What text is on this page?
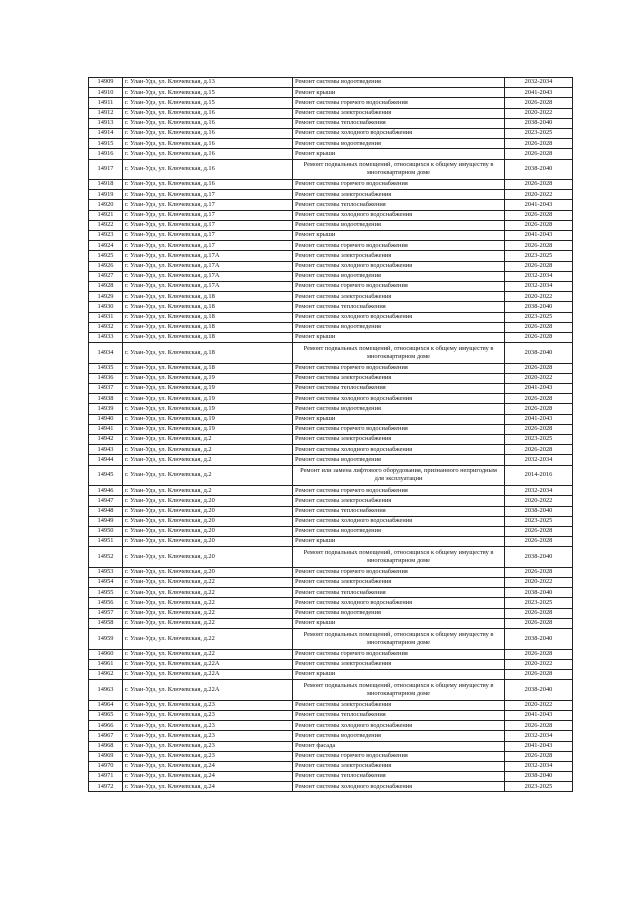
14909	г. Улан-Удэ, ул. Ключевская, д.13	Ремонт системы водоотведения	2032-2034
14910	г. Улан-Удэ, ул. Ключевская, д.15	Ремонт крыши	2041-2043
14911	г. Улан-Удэ, ул. Ключевская, д.15	Ремонт системы горячего водоснабжения	2026-2028
14912	г. Улан-Удэ, ул. Ключевская, д.16	Ремонт системы электроснабжения	2020-2022
14913	г. Улан-Удэ, ул. Ключевская, д.16	Ремонт системы теплоснабжения	2038-2040
14914	г. Улан-Удэ, ул. Ключевская, д.16	Ремонт системы холодного водоснабжения	2023-2025
14915	г. Улан-Удэ, ул. Ключевская, д.16	Ремонт системы водоотведения	2026-2028
14916	г. Улан-Удэ, ул. Ключевская, д.16	Ремонт крыши	2026-2028
14917	г. Улан-Удэ, ул. Ключевская, д.16	Ремонт подвальных помещений, относящихся к общему имуществу в многоквартирном доме	2038-2040
14918	г. Улан-Удэ, ул. Ключевская, д.16	Ремонт системы горячего водоснабжения	2026-2028
14919	г. Улан-Удэ, ул. Ключевская, д.17	Ремонт системы электроснабжения	2020-2022
14920	г. Улан-Удэ, ул. Ключевская, д.17	Ремонт системы теплоснабжения	2041-2043
14921	г. Улан-Удэ, ул. Ключевская, д.17	Ремонт системы холодного водоснабжения	2026-2028
14922	г. Улан-Удэ, ул. Ключевская, д.17	Ремонт системы водоотведения	2026-2028
14923	г. Улан-Удэ, ул. Ключевская, д.17	Ремонт крыши	2041-2043
14924	г. Улан-Удэ, ул. Ключевская, д.17	Ремонт системы горячего водоснабжения	2026-2028
14925	г. Улан-Удэ, ул. Ключевская, д.17А	Ремонт системы электроснабжения	2023-2025
14926	г. Улан-Удэ, ул. Ключевская, д.17А	Ремонт системы холодного водоснабжения	2026-2028
14927	г. Улан-Удэ, ул. Ключевская, д.17А	Ремонт системы водоотведения	2032-2034
14928	г. Улан-Удэ, ул. Ключевская, д.17А	Ремонт системы горячего водоснабжения	2032-2034
14929	г. Улан-Удэ, ул. Ключевская, д.18	Ремонт системы электроснабжения	2020-2022
14930	г. Улан-Удэ, ул. Ключевская, д.18	Ремонт системы теплоснабжения	2038-2040
14931	г. Улан-Удэ, ул. Ключевская, д.18	Ремонт системы холодного водоснабжения	2023-2025
14932	г. Улан-Удэ, ул. Ключевская, д.18	Ремонт системы водоотведения	2026-2028
14933	г. Улан-Удэ, ул. Ключевская, д.18	Ремонт крыши	2026-2028
14934	г. Улан-Удэ, ул. Ключевская, д.18	Ремонт подвальных помещений, относящихся к общему имуществу в многоквартирном доме	2038-2040
14935	г. Улан-Удэ, ул. Ключевская, д.18	Ремонт системы горячего водоснабжения	2026-2028
14936	г. Улан-Удэ, ул. Ключевская, д.19	Ремонт системы электроснабжения	2020-2022
14937	г. Улан-Удэ, ул. Ключевская, д.19	Ремонт системы теплоснабжения	2041-2043
14938	г. Улан-Удэ, ул. Ключевская, д.19	Ремонт системы холодного водоснабжения	2026-2028
14939	г. Улан-Удэ, ул. Ключевская, д.19	Ремонт системы водоотведения	2026-2028
14940	г. Улан-Удэ, ул. Ключевская, д.19	Ремонт крыши	2041-2043
14941	г. Улан-Удэ, ул. Ключевская, д.19	Ремонт системы горячего водоснабжения	2026-2028
14942	г. Улан-Удэ, ул. Ключевская, д.2	Ремонт системы электроснабжения	2023-2025
14943	г. Улан-Удэ, ул. Ключевская, д.2	Ремонт системы холодного водоснабжения	2026-2028
14944	г. Улан-Удэ, ул. Ключевская, д.2	Ремонт системы водоотведения	2032-2034
14945	г. Улан-Удэ, ул. Ключевская, д.2	Ремонт или замена лифтового оборудования, признанного непригодным для эксплуатации	2014-2016
14946	г. Улан-Удэ, ул. Ключевская, д.2	Ремонт системы горячего водоснабжения	2032-2034
14947	г. Улан-Удэ, ул. Ключевская, д.20	Ремонт системы электроснабжения	2020-2022
14948	г. Улан-Удэ, ул. Ключевская, д.20	Ремонт системы теплоснабжения	2038-2040
14949	г. Улан-Удэ, ул. Ключевская, д.20	Ремонт системы холодного водоснабжения	2023-2025
14950	г. Улан-Удэ, ул. Ключевская, д.20	Ремонт системы водоотведения	2026-2028
14951	г. Улан-Удэ, ул. Ключевская, д.20	Ремонт крыши	2026-2028
14952	г. Улан-Удэ, ул. Ключевская, д.20	Ремонт подвальных помещений, относящихся к общему имуществу в многоквартирном доме	2038-2040
14953	г. Улан-Удэ, ул. Ключевская, д.20	Ремонт системы горячего водоснабжения	2026-2028
14954	г. Улан-Удэ, ул. Ключевская, д.22	Ремонт системы электроснабжения	2020-2022
14955	г. Улан-Удэ, ул. Ключевская, д.22	Ремонт системы теплоснабжения	2038-2040
14956	г. Улан-Удэ, ул. Ключевская, д.22	Ремонт системы холодного водоснабжения	2023-2025
14957	г. Улан-Удэ, ул. Ключевская, д.22	Ремонт системы водоотведения	2026-2028
14958	г. Улан-Удэ, ул. Ключевская, д.22	Ремонт крыши	2026-2028
14959	г. Улан-Удэ, ул. Ключевская, д.22	Ремонт подвальных помещений, относящихся к общему имуществу в многоквартирном доме	2038-2040
14960	г. Улан-Удэ, ул. Ключевская, д.22	Ремонт системы горячего водоснабжения	2026-2028
14961	г. Улан-Удэ, ул. Ключевская, д.22А	Ремонт системы электроснабжения	2020-2022
14962	г. Улан-Удэ, ул. Ключевская, д.22А	Ремонт крыши	2026-2028
14963	г. Улан-Удэ, ул. Ключевская, д.22А	Ремонт подвальных помещений, относящихся к общему имуществу в многоквартирном доме	2038-2040
14964	г. Улан-Удэ, ул. Ключевская, д.23	Ремонт системы электроснабжения	2020-2022
14965	г. Улан-Удэ, ул. Ключевская, д.23	Ремонт системы теплоснабжения	2041-2043
14966	г. Улан-Удэ, ул. Ключевская, д.23	Ремонт системы холодного водоснабжения	2026-2028
14967	г. Улан-Удэ, ул. Ключевская, д.23	Ремонт системы водоотведения	2032-2034
14968	г. Улан-Удэ, ул. Ключевская, д.23	Ремонт фасада	2041-2043
14969	г. Улан-Удэ, ул. Ключевская, д.23	Ремонт системы горячего водоснабжения	2026-2028
14970	г. Улан-Удэ, ул. Ключевская, д.24	Ремонт системы электроснабжения	2032-2034
14971	г. Улан-Удэ, ул. Ключевская, д.24	Ремонт системы теплоснабжения	2038-2040
14972	г. Улан-Удэ, ул. Ключевская, д.24	Ремонт системы холодного водоснабжения	2023-2025
